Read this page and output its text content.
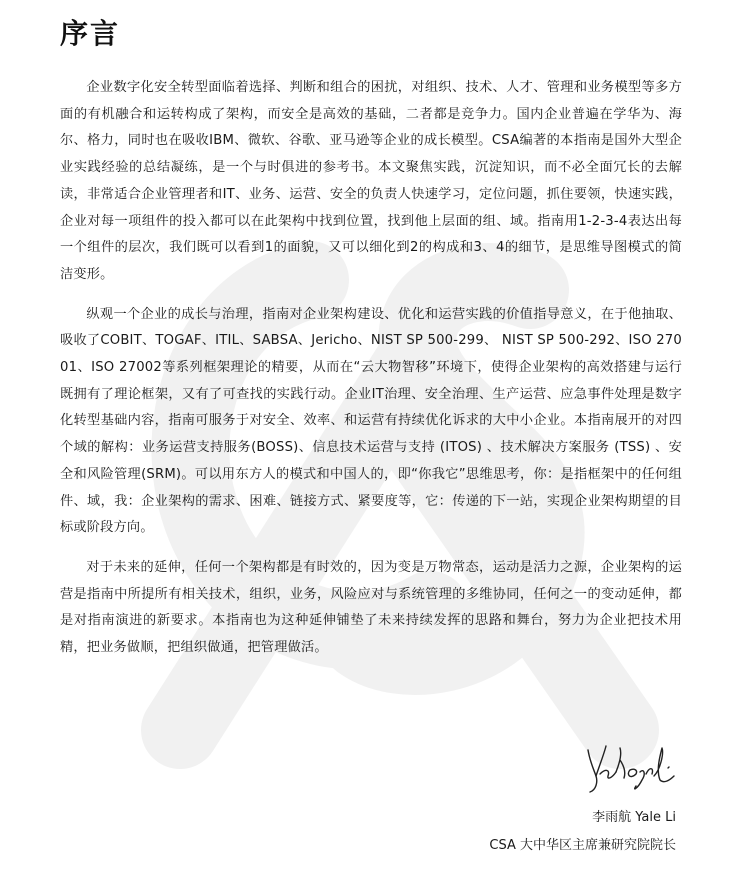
序言

企业数字化安全转型面临着选择、判断和组合的困扰，对组织、技术、人才、管理和业务模型等多方面的有机融合和运转构成了架构，而安全是高效的基础，二者都是竞争力。国内企业普遍在学华为、海尔、格力，同时也在吸收IBM、微软、谷歌、亚马逊等企业的成长模型。CSA编著的本指南是国外大型企业实践经验的总结凝练，是一个与时俱进的参考书。本文聚焦实践，沉淀知识，而不必全面冗长的去解读，非常适合企业管理者和IT、业务、运营、安全的负责人快速学习，定位问题，抓住要领，快速实践，企业对每一项组件的投入都可以在此架构中找到位置，找到他上层面的组、域。指南用1-2-3-4表达出每一个组件的层次，我们既可以看到1的面貌，又可以细化到2的构成和3、4的细节，是思维导图模式的简洁变形。

纵观一个企业的成长与治理，指南对企业架构建设、优化和运营实践的价值指导意义，在于他抽取、吸收了COBIT、TOGAF、ITIL、SABSA、Jericho、NIST SP 500-299、 NIST SP 500-292、ISO 27001、ISO 27002等系列框架理论的精要，从而在“云大物智移”环境下，使得企业架构的高效搭建与运行既拥有了理论框架，又有了可查找的实践行动。企业IT治理、安全治理、生产运营、应急事件处理是数字化转型基础内容，指南可服务于对安全、效率、和运营有持续优化诉求的大中小企业。本指南展开的对四个域的解构：业务运营支持服务(BOSS)、信息技术运营与支持 (ITOS) 、技术解决方案服务 (TSS) 、安全和风险管理(SRM)。可以用东方人的模式和中国人的，即“你我它”思维思考，你：是指框架中的任何组件、域，我：企业架构的需求、困难、链接方式、紧要度等，它：传递的下一站，实现企业架构期望的目标或阶段方向。

对于未来的延伸，任何一个架构都是有时效的，因为变是万物常态，运动是活力之源，企业架构的运营是指南中所提所有相关技术，组织，业务，风险应对与系统管理的多维协同，任何之一的变动延伸，都是对指南演进的新要求。本指南也为这种延伸铺垫了未来持续发挥的思路和舞台，努力为企业把技术用精，把业务做顺，把组织做通，把管理做活。

李雨航 Yale Li

CSA 大中华区主席兼研究院院长
